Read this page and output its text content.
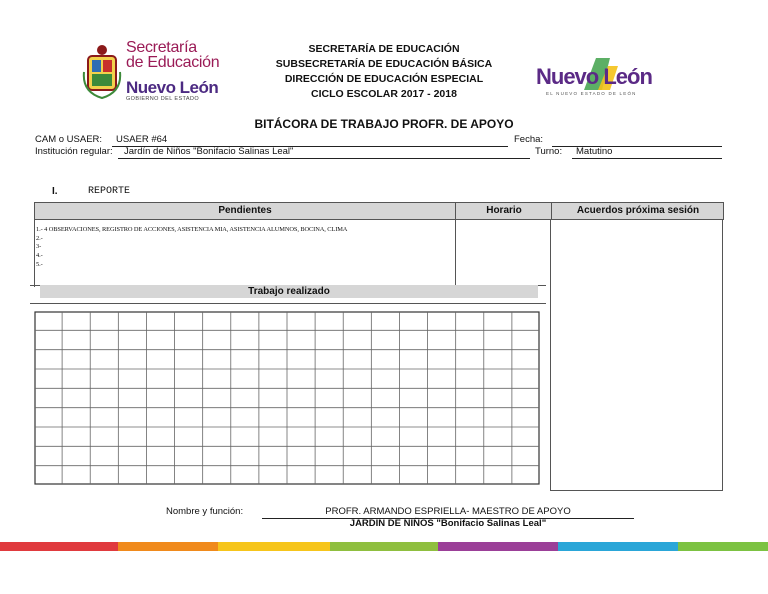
Secretaría
de Educación
Nuevo León
GOBIERNO DEL ESTADO
SECRETARÍA DE EDUCACIÓN
SUBSECRETARÍA DE EDUCACIÓN BÁSICA
DIRECCIÓN DE EDUCACIÓN ESPECIAL
CICLO ESCOLAR 2017 - 2018
Nuevo León
EL NUEVO ESTADO DE LEÓN
BITÁCORA DE TRABAJO PROFR. DE APOYO
CAM o USAER:	USAER #64	Fecha:
Institución regular:	Jardín de Niños "Bonifacio Salinas Leal"	Turno:	Matutino
I.	REPORTE
Pendientes	Horario	Acuerdos próxima sesión
1.- 4 OBSERVACIONES, REGISTRO DE ACCIONES, ASISTENCIA MIA, ASISTENCIA ALUMNOS, BOCINA, CLIMA
2.-
3-
4.-
5.-
Trabajo realizado
Nombre y función:	PROFR. ARMANDO ESPRIELLA- MAESTRO DE APOYO
JARDIN DE NIÑOS "Bonifacio Salinas Leal"
